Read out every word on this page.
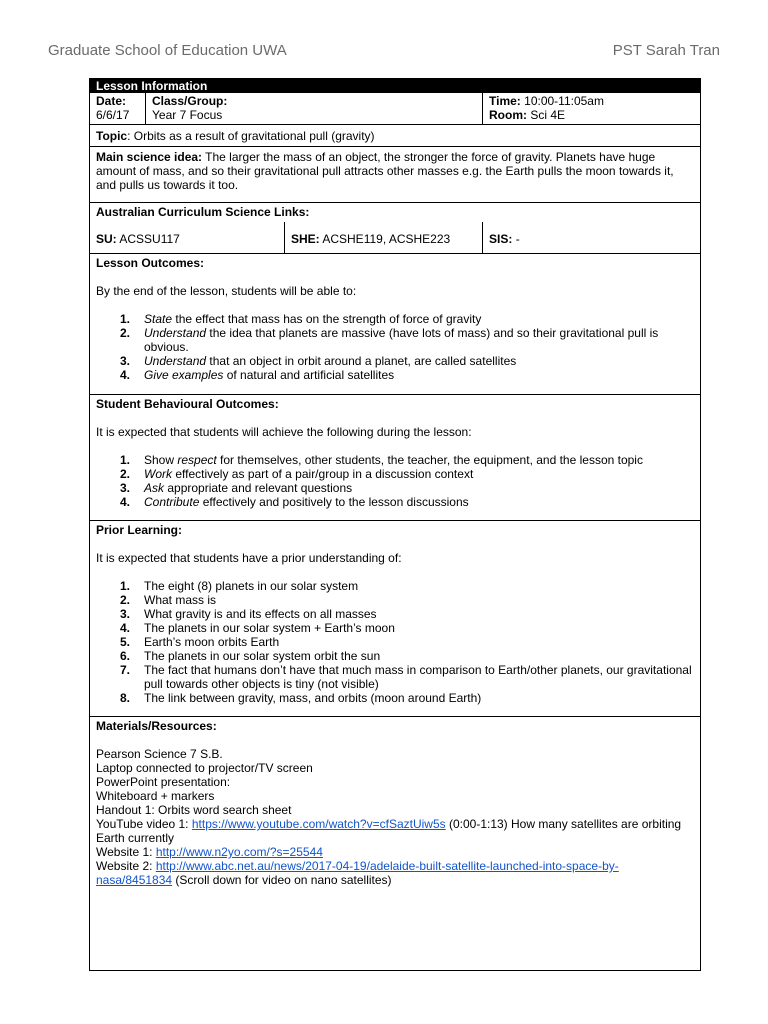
Graduate School of Education UWA	PST Sarah Tran
Lesson Information
Date:
6/6/17
Class/Group:
Year 7 Focus
Time: 10:00-11:05am
Room: Sci 4E
Topic: Orbits as a result of gravitational pull (gravity)
Main science idea: The larger the mass of an object, the stronger the force of gravity. Planets have huge amount of mass, and so their gravitational pull attracts other masses e.g. the Earth pulls the moon towards it, and pulls us towards it too.
Australian Curriculum Science Links:
SU: ACSSU117	SHE: ACSHE119, ACSHE223	SIS: -
Lesson Outcomes:
By the end of the lesson, students will be able to:
1. State the effect that mass has on the strength of force of gravity
2. Understand the idea that planets are massive (have lots of mass) and so their gravitational pull is obvious.
3. Understand that an object in orbit around a planet, are called satellites
4. Give examples of natural and artificial satellites
Student Behavioural Outcomes:
It is expected that students will achieve the following during the lesson:
1. Show respect for themselves, other students, the teacher, the equipment, and the lesson topic
2. Work effectively as part of a pair/group in a discussion context
3. Ask appropriate and relevant questions
4. Contribute effectively and positively to the lesson discussions
Prior Learning:
It is expected that students have a prior understanding of:
1. The eight (8) planets in our solar system
2. What mass is
3. What gravity is and its effects on all masses
4. The planets in our solar system + Earth’s moon
5. Earth’s moon orbits Earth
6. The planets in our solar system orbit the sun
7. The fact that humans don’t have that much mass in comparison to Earth/other planets, our gravitational pull towards other objects is tiny (not visible)
8. The link between gravity, mass, and orbits (moon around Earth)
Materials/Resources:
Pearson Science 7 S.B.
Laptop connected to projector/TV screen
PowerPoint presentation:
Whiteboard + markers
Handout 1: Orbits word search sheet
YouTube video 1: https://www.youtube.com/watch?v=cfSaztUiw5s (0:00-1:13) How many satellites are orbiting Earth currently
Website 1: http://www.n2yo.com/?s=25544
Website 2: http://www.abc.net.au/news/2017-04-19/adelaide-built-satellite-launched-into-space-by-nasa/8451834 (Scroll down for video on nano satellites)
